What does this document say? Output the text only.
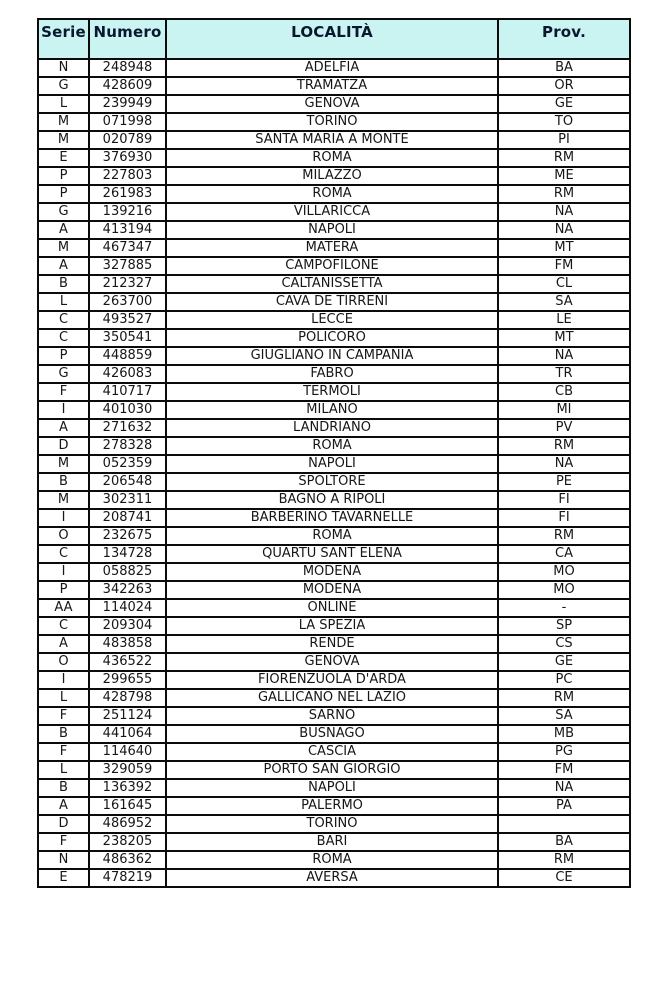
Serie	Numero	LOCALITÀ	Prov.
N	248948	ADELFIA	BA
G	428609	TRAMATZA	OR
L	239949	GENOVA	GE
M	071998	TORINO	TO
M	020789	SANTA MARIA A MONTE	PI
E	376930	ROMA	RM
P	227803	MILAZZO	ME
P	261983	ROMA	RM
G	139216	VILLARICCA	NA
A	413194	NAPOLI	NA
M	467347	MATERA	MT
A	327885	CAMPOFILONE	FM
B	212327	CALTANISSETTA	CL
L	263700	CAVA DE TIRRENI	SA
C	493527	LECCE	LE
C	350541	POLICORO	MT
P	448859	GIUGLIANO IN CAMPANIA	NA
G	426083	FABRO	TR
F	410717	TERMOLI	CB
I	401030	MILANO	MI
A	271632	LANDRIANO	PV
D	278328	ROMA	RM
M	052359	NAPOLI	NA
B	206548	SPOLTORE	PE
M	302311	BAGNO A RIPOLI	FI
I	208741	BARBERINO TAVARNELLE	FI
O	232675	ROMA	RM
C	134728	QUARTU SANT ELENA	CA
I	058825	MODENA	MO
P	342263	MODENA	MO
AA	114024	ONLINE	-
C	209304	LA SPEZIA	SP
A	483858	RENDE	CS
O	436522	GENOVA	GE
I	299655	FIORENZUOLA D'ARDA	PC
L	428798	GALLICANO NEL LAZIO	RM
F	251124	SARNO	SA
B	441064	BUSNAGO	MB
F	114640	CASCIA	PG
L	329059	PORTO SAN GIORGIO	FM
B	136392	NAPOLI	NA
A	161645	PALERMO	PA
D	486952	TORINO	
F	238205	BARI	BA
N	486362	ROMA	RM
E	478219	AVERSA	CE
